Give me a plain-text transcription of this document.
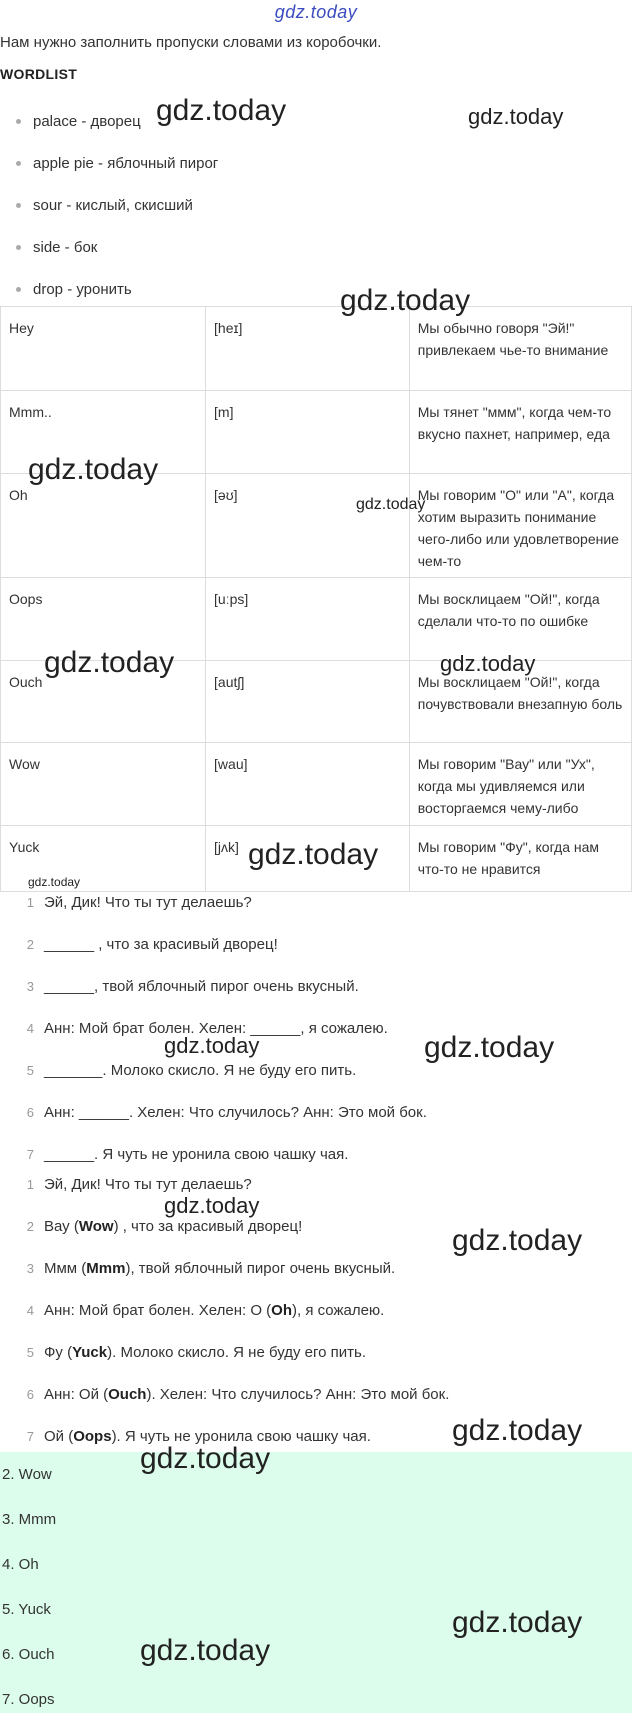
gdz.today
Нам нужно заполнить пропуски словами из коробочки.
WORDLIST
palace - дворец
apple pie - яблочный пирог
sour - кислый, скисший
side - бок
drop - уронить
Hey	[heɪ]	Мы обычно говоря "Эй!" привлекаем чье-то внимание
Mmm..	[m]	Мы тянет "ммм", когда чем-то вкусно пахнет, например, еда
Oh	[əʊ]	Мы говорим "О" или "А", когда хотим выразить понимание чего-либо или удовлетворение чем-то
Oops	[uːps]	Мы восклицаем "Ой!", когда сделали что-то по ошибке
Ouch	[autʃ]	Мы восклицаем "Ой!", когда почувствовали внезапную боль
Wow	[wau]	Мы говорим "Вау" или "Ух", когда мы удивляемся или восторгаемся чему-либо
Yuck	[jʌk]	Мы говорим "Фу", когда нам что-то не нравится
1 Эй, Дик! Что ты тут делаешь?
2 ______ , что за красивый дворец!
3 ______, твой яблочный пирог очень вкусный.
4 Анн: Мой брат болен. Хелен: ______, я сожалею.
5 _______. Молоко скисло. Я не буду его пить.
6 Анн: ______. Хелен: Что случилось? Анн: Это мой бок.
7 ______. Я чуть не уронила свою чашку чая.
1 Эй, Дик! Что ты тут делаешь?
2 Вау (Wow) , что за красивый дворец!
3 Ммм (Mmm), твой яблочный пирог очень вкусный.
4 Анн: Мой брат болен. Хелен: О (Oh), я сожалею.
5 Фу (Yuck). Молоко скисло. Я не буду его пить.
6 Анн: Ой (Ouch). Хелен: Что случилось? Анн: Это мой бок.
7 Ой (Oops). Я чуть не уронила свою чашку чая.
2. Wow
3. Mmm
4. Oh
5. Yuck
6. Ouch
7. Oops
gdz.today	gdz.today
gdz.today
gdz.today
gdz.today
gdz.today	gdz.today
gdz.today
gdz.today
gdz.today	gdz.today
gdz.today
gdz.today
gdz.today
gdz.today
gdz.today
gdz.today
